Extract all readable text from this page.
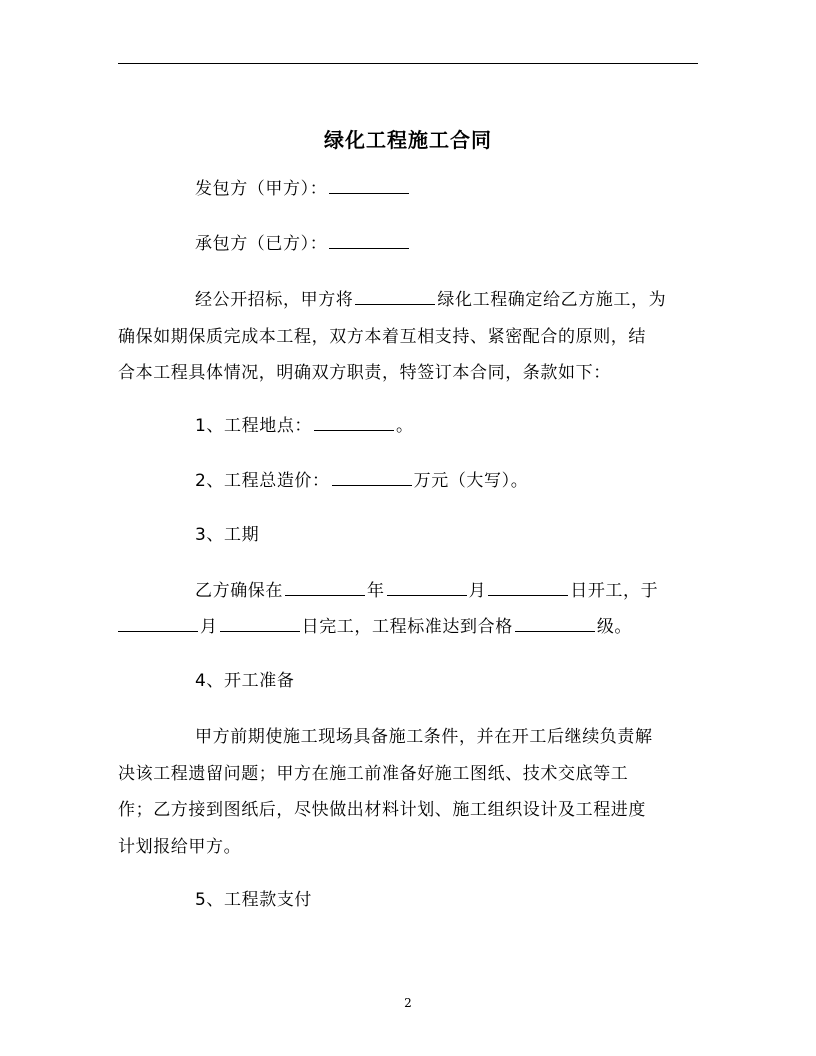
绿化工程施工合同
发包方（甲方）：
承包方（已方）：
经公开招标，甲方将	绿化工程确定给乙方施工，为
确保如期保质完成本工程，双方本着互相支持、紧密配合的原则，结
合本工程具体情况，明确双方职责，特签订本合同，条款如下：
1、工程地点：	。
2、工程总造价：	万元（大写）。
3、工期
乙方确保在	年	月	日开工，于
月	日完工，工程标准达到合格	级。
4、开工准备
甲方前期使施工现场具备施工条件，并在开工后继续负责解
决该工程遗留问题；甲方在施工前准备好施工图纸、技术交底等工
作；乙方接到图纸后，尽快做出材料计划、施工组织设计及工程进度
计划报给甲方。
5、工程款支付
2
